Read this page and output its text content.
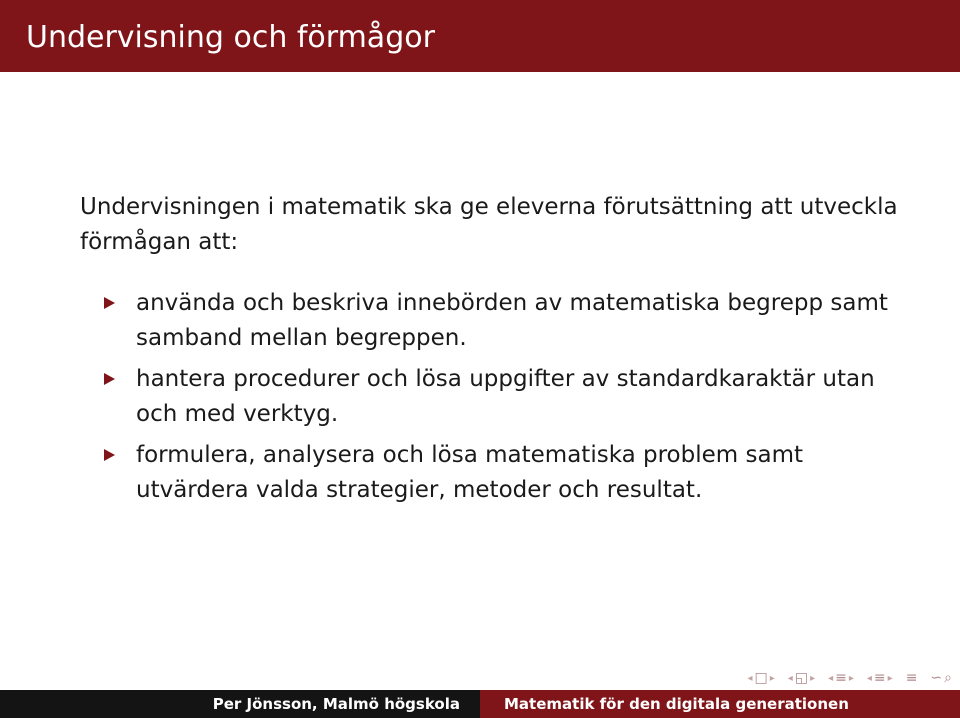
Undervisning och förmågor

Undervisningen i matematik ska ge eleverna förutsättning att utveckla förmågan att:

använda och beskriva innebörden av matematiska begrepp samt samband mellan begreppen.
hantera procedurer och lösa uppgifter av standardkaraktär utan och med verktyg.
formulera, analysera och lösa matematiska problem samt utvärdera valda strategier, metoder och resultat.
◂ □ ▸ ◂ ◱ ▸ ◂ ≡ ▸ ◂ ≡ ▸ ≡ ∽ ⌕
Per Jönsson, Malmö högskola	Matematik för den digitala generationen
